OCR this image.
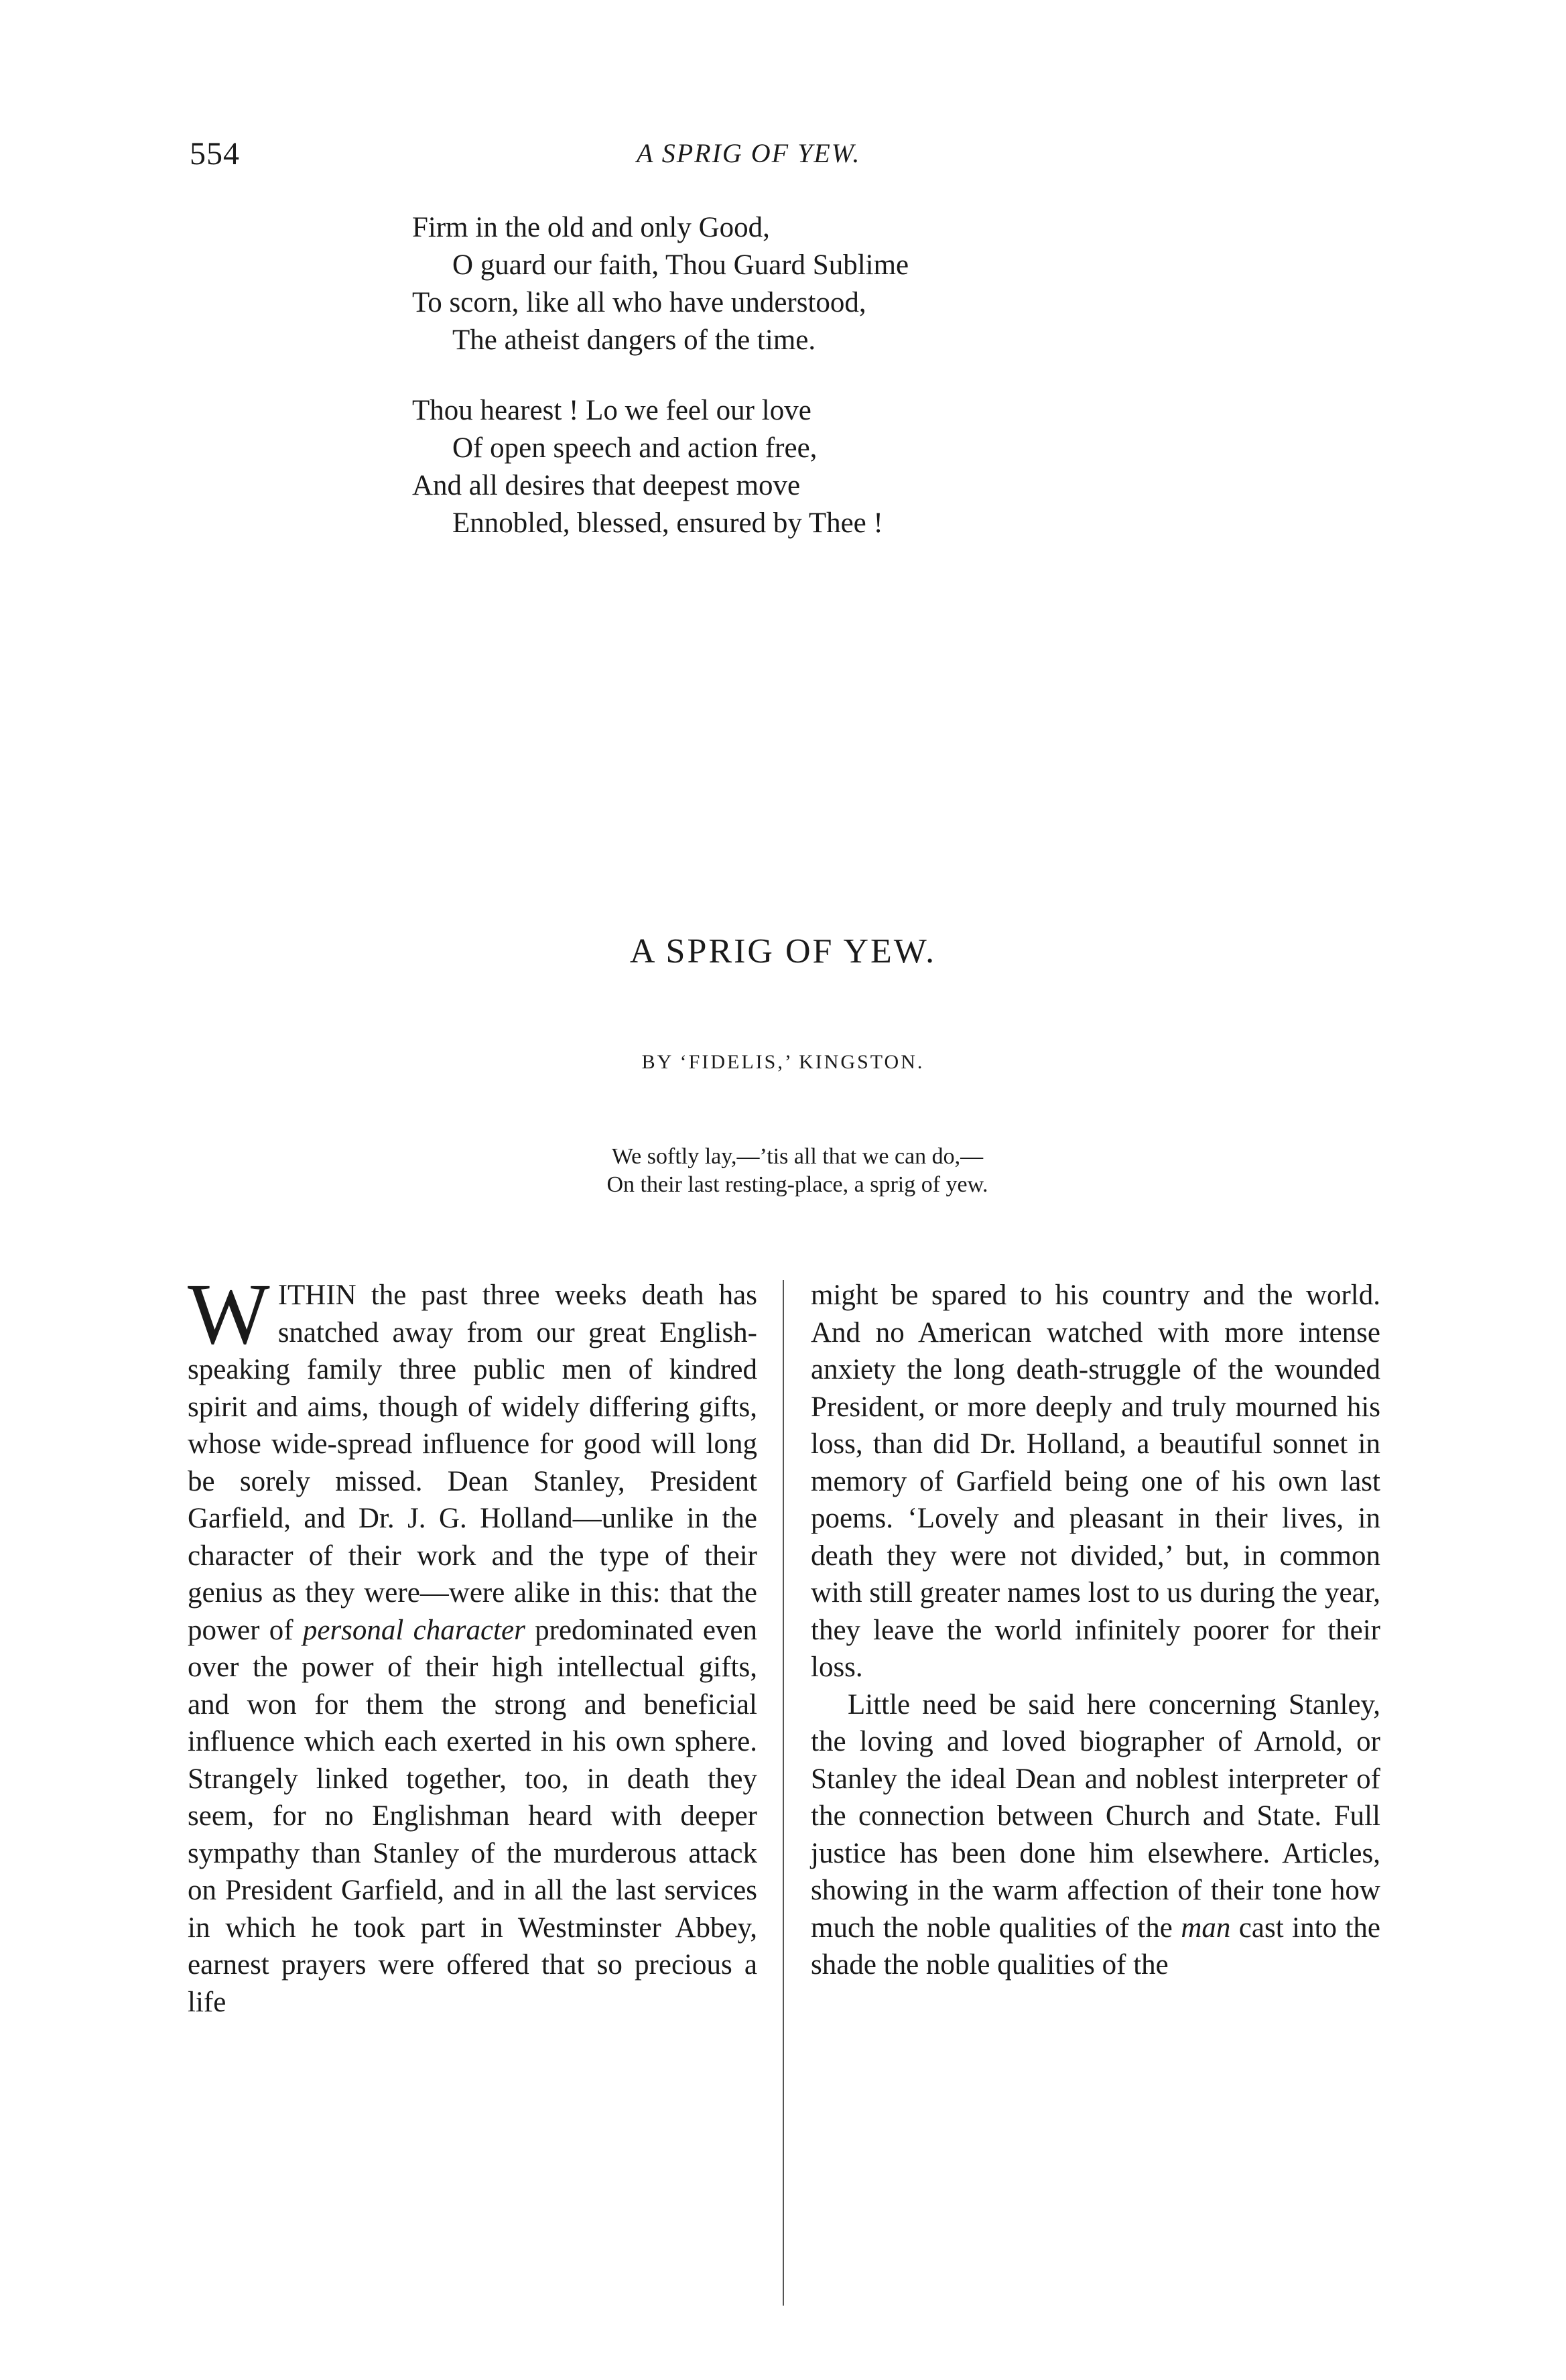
554	A SPRIG OF YEW.
Firm in the old and only Good,
O guard our faith, Thou Guard Sublime
To scorn, like all who have understood,
The atheist dangers of the time.
Thou hearest ! Lo we feel our love
Of open speech and action free,
And all desires that deepest move
Ennobled, blessed, ensured by Thee !
A SPRIG OF YEW.
BY ‘FIDELIS,’ KINGSTON.
We softly lay,—’tis all that we can do,—
On their last resting-place, a sprig of yew.

WITHIN the past three weeks death has snatched away from our great English-speaking family three public men of kindred spirit and aims, though of widely differing gifts, whose wide-spread influence for good will long be sorely missed. Dean Stanley, President Garfield, and Dr. J. G. Holland—unlike in the character of their work and the type of their genius as they were—were alike in this: that the power of personal character predominated even over the power of their high intellectual gifts, and won for them the strong and beneficial influence which each exerted in his own sphere. Strangely linked together, too, in death they seem, for no Englishman heard with deeper sympathy than Stanley of the murderous attack on President Garfield, and in all the last services in which he took part in Westminster Abbey, earnest prayers were offered that so precious a life

might be spared to his country and the world. And no American watched with more intense anxiety the long death-struggle of the wounded President, or more deeply and truly mourned his loss, than did Dr. Holland, a beautiful sonnet in memory of Garfield being one of his own last poems. ‘Lovely and pleasant in their lives, in death they were not divided,’ but, in common with still greater names lost to us during the year, they leave the world infinitely poorer for their loss.

Little need be said here concerning Stanley, the loving and loved biographer of Arnold, or Stanley the ideal Dean and noblest interpreter of the connection between Church and State. Full justice has been done him elsewhere. Articles, showing in the warm affection of their tone how much the noble qualities of the man cast into the shade the noble qualities of the
